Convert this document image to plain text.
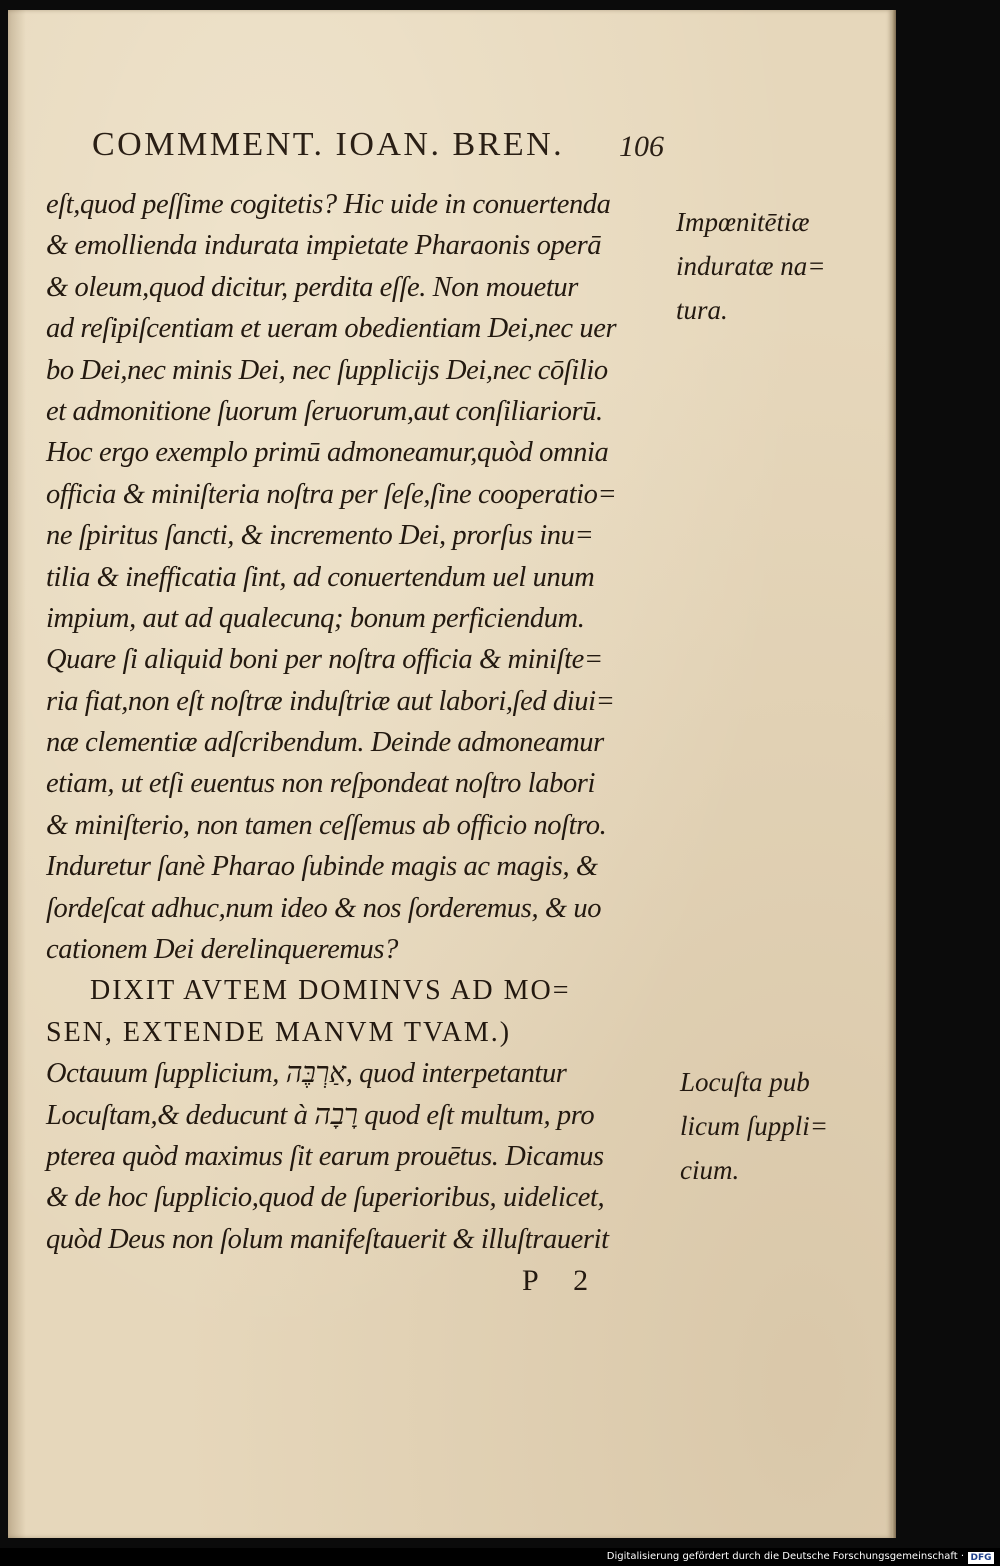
COMMMENT. IOAN. BREN. 106
eſt,quod peſſime cogitetis? Hic uide in conuertenda
& emollienda indurata impietate Pharaonis operā
& oleum,quod dicitur, perdita eſſe. Non mouetur
ad reſipiſcentiam et ueram obedientiam Dei,nec uer
bo Dei,nec minis Dei, nec ſupplicijs Dei,nec cōſilio
et admonitione ſuorum ſeruorum,aut conſiliariorū.
Hoc ergo exemplo primū admoneamur,quòd omnia
officia & miniſteria noſtra per ſeſe,ſine cooperatio=
ne ſpiritus ſancti, & incremento Dei, prorſus inu=
tilia & inefficatia ſint, ad conuertendum uel unum
impium, aut ad qualecunq; bonum perficiendum.
Quare ſi aliquid boni per noſtra officia & miniſte=
ria fiat,non eſt noſtræ induſtriæ aut labori,ſed diui=
næ clementiæ adſcribendum. Deinde admoneamur
etiam, ut etſi euentus non reſpondeat noſtro labori
& miniſterio, non tamen ceſſemus ab officio noſtro.
Induretur ſanè Pharao ſubinde magis ac magis, &
ſordeſcat adhuc,num ideo & nos ſorderemus, & uo
cationem Dei derelinqueremus?
DIXIT AVTEM DOMINVS AD MO=
SEN, EXTENDE MANVM TVAM.)
Octauum ſupplicium, אַרְבֶּה, quod interpetantur
Locuſtam,& deducunt à רָבָה quod eſt multum, pro
pterea quòd maximus ſit earum prouētus. Dicamus
& de hoc ſupplicio,quod de ſuperioribus, uidelicet,
quòd Deus non ſolum manifeſtauerit & illuſtrauerit
Impœnitētiæ
induratæ na=
tura.
Locuſta pub
licum ſuppli=
cium.
P 2
Digitalisierung gefördert durch die Deutsche Forschungsgemeinschaft · DFG
